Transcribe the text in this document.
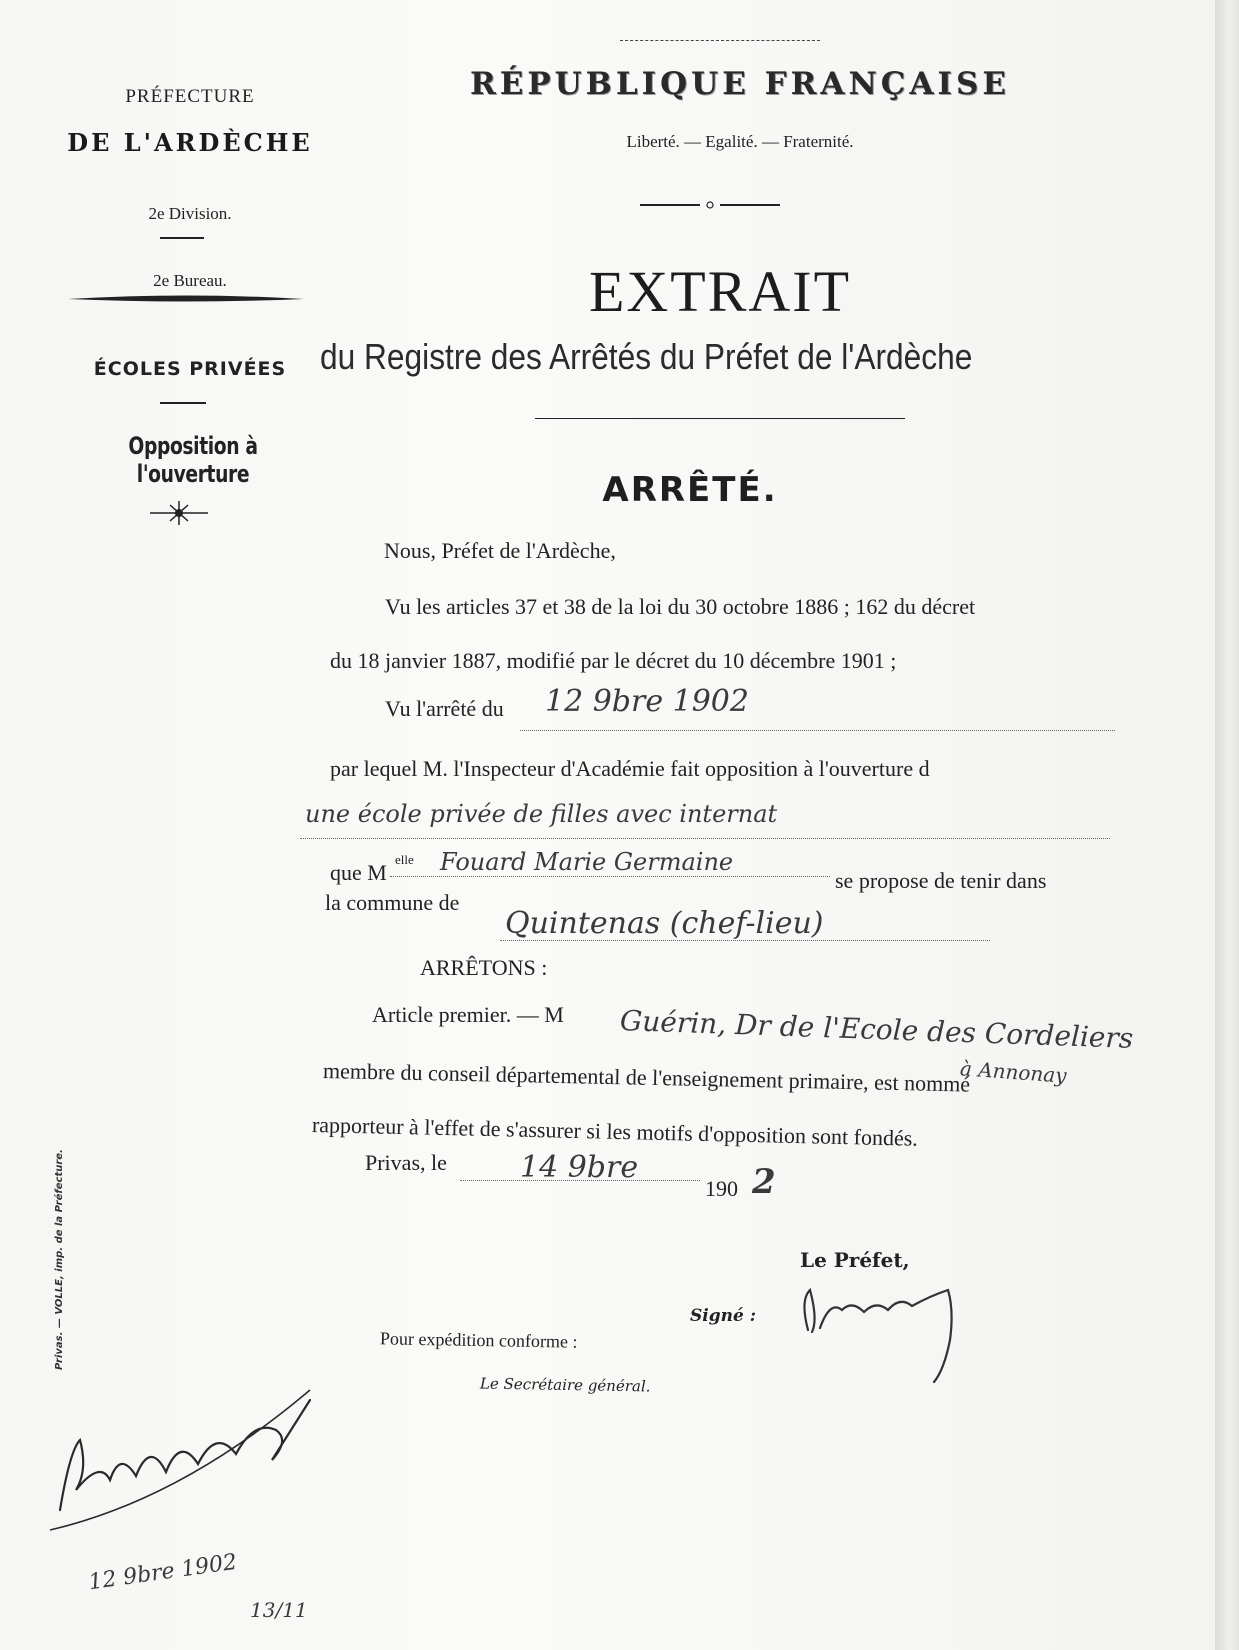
PRÉFECTURE
DE L'ARDÈCHE
2e Division.
2e Bureau.
ÉCOLES PRIVÉES
Opposition à l'ouverture
RÉPUBLIQUE FRANÇAISE
Liberté. — Egalité. — Fraternité.
EXTRAIT
du Registre des Arrêtés du Préfet de l'Ardèche
ARRÊTÉ.
Nous, Préfet de l'Ardèche,
Vu les articles 37 et 38 de la loi du 30 octobre 1886 ; 162 du décret
du 18 janvier 1887, modifié par le décret du 10 décembre 1901 ;
Vu l'arrêté du 12 9bre 1902
par lequel M. l'Inspecteur d'Académie fait opposition à l'ouverture d
une école privée de filles avec internat
que M
elle Fouard Marie Germaine
se propose de tenir dans
la commune de
Quintenas (chef-lieu)
ARRÊTONS :
Article premier. — M Guérin, Dr de l'Ecole des Cordeliers
à Annonay
membre du conseil départemental de l'enseignement primaire, est nommé
rapporteur à l'effet de s'assurer si les motifs d'opposition sont fondés.
Privas, le 14 9bre
190 2
Le Préfet,
Signé :
Pour expédition conforme :
Le Secrétaire général.
Privas. — VOLLE, imp. de la Préfecture.
12 9bre 1902
13/11
